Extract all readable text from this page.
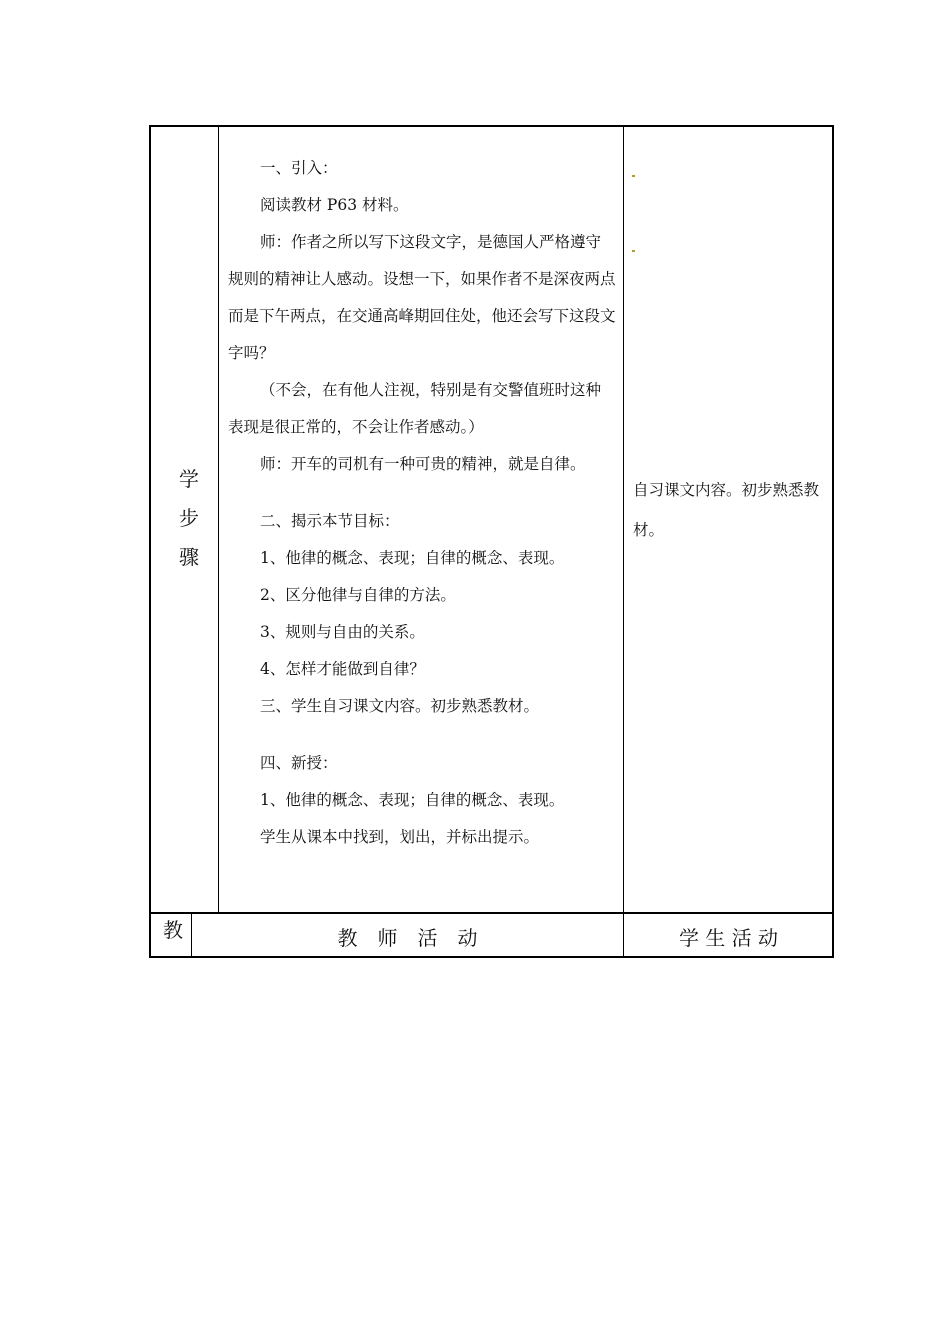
学
步
骤

一、引入：

阅读教材 P63 材料。

师：作者之所以写下这段文字，是德国人严格遵守规则的精神让人感动。设想一下，如果作者不是深夜两点而是下午两点，在交通高峰期回住处，他还会写下这段文字吗？

（不会，在有他人注视，特别是有交警值班时这种表现是很正常的，不会让作者感动。）

师：开车的司机有一种可贵的精神，就是自律。

二、揭示本节目标：

1、他律的概念、表现；自律的概念、表现。

2、区分他律与自律的方法。

3、规则与自由的关系。

4、怎样才能做到自律？

三、学生自习课文内容。初步熟悉教材。

四、新授：

1、他律的概念、表现；自律的概念、表现。

学生从课本中找到，划出，并标出提示。

自习课文内容。初步熟悉教材。
教	教　师　活　动	学 生 活 动
